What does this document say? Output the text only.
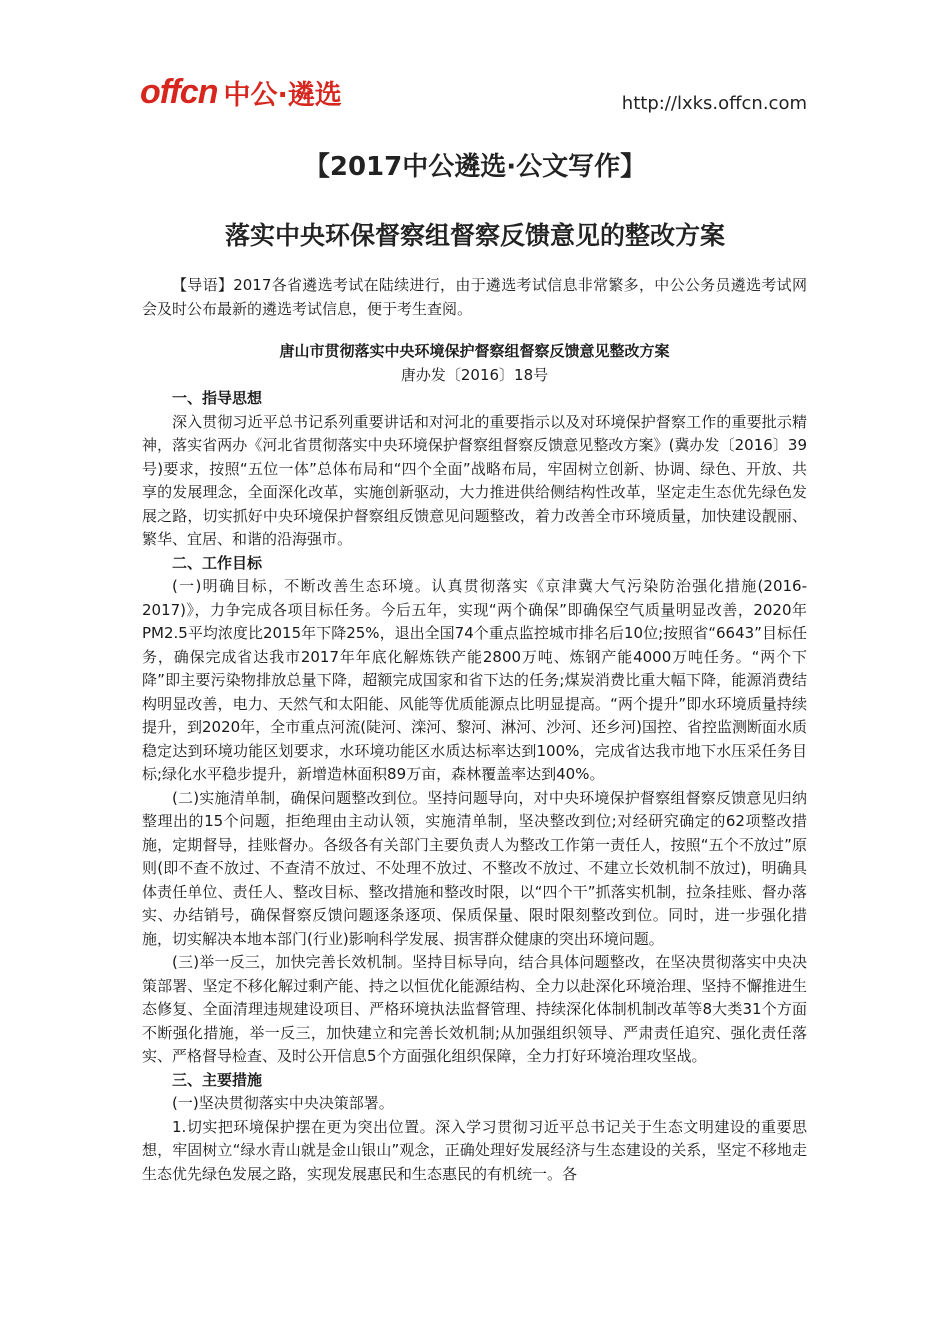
offcn 中公·遴选	http://lxks.offcn.com
【2017中公遴选·公文写作】
落实中央环保督察组督察反馈意见的整改方案
【导语】2017各省遴选考试在陆续进行，由于遴选考试信息非常繁多，中公公务员遴选考试网会及时公布最新的遴选考试信息，便于考生查阅。
唐山市贯彻落实中央环境保护督察组督察反馈意见整改方案
唐办发〔2016〕18号
一、指导思想

深入贯彻习近平总书记系列重要讲话和对河北的重要指示以及对环境保护督察工作的重要批示精神，落实省两办《河北省贯彻落实中央环境保护督察组督察反馈意见整改方案》(冀办发〔2016〕39号)要求，按照“五位一体”总体布局和“四个全面”战略布局，牢固树立创新、协调、绿色、开放、共享的发展理念，全面深化改革，实施创新驱动，大力推进供给侧结构性改革，坚定走生态优先绿色发展之路，切实抓好中央环境保护督察组反馈意见问题整改，着力改善全市环境质量，加快建设靓丽、繁华、宜居、和谐的沿海强市。

二、工作目标

(一)明确目标，不断改善生态环境。认真贯彻落实《京津冀大气污染防治强化措施(2016-2017)》，力争完成各项目标任务。今后五年，实现“两个确保”即确保空气质量明显改善，2020年PM2.5平均浓度比2015年下降25%，退出全国74个重点监控城市排名后10位;按照省“6643”目标任务，确保完成省达我市2017年年底化解炼铁产能2800万吨、炼钢产能4000万吨任务。“两个下降”即主要污染物排放总量下降，超额完成国家和省下达的任务;煤炭消费比重大幅下降，能源消费结构明显改善，电力、天然气和太阳能、风能等优质能源点比明显提高。“两个提升”即水环境质量持续提升，到2020年，全市重点河流(陡河、滦河、黎河、淋河、沙河、还乡河)国控、省控监测断面水质稳定达到环境功能区划要求，水环境功能区水质达标率达到100%，完成省达我市地下水压采任务目标;绿化水平稳步提升，新增造林面积89万亩，森林覆盖率达到40%。

(二)实施清单制，确保问题整改到位。坚持问题导向，对中央环境保护督察组督察反馈意见归纳整理出的15个问题，拒绝理由主动认领，实施清单制，坚决整改到位;对经研究确定的62项整改措施，定期督导，挂账督办。各级各有关部门主要负责人为整改工作第一责任人，按照“五个不放过”原则(即不查不放过、不查清不放过、不处理不放过、不整改不放过、不建立长效机制不放过)，明确具体责任单位、责任人、整改目标、整改措施和整改时限，以“四个干”抓落实机制，拉条挂账、督办落实、办结销号，确保督察反馈问题逐条逐项、保质保量、限时限刻整改到位。同时，进一步强化措施，切实解决本地本部门(行业)影响科学发展、损害群众健康的突出环境问题。

(三)举一反三，加快完善长效机制。坚持目标导向，结合具体问题整改，在坚决贯彻落实中央决策部署、坚定不移化解过剩产能、持之以恒优化能源结构、全力以赴深化环境治理、坚持不懈推进生态修复、全面清理违规建设项目、严格环境执法监督管理、持续深化体制机制改革等8大类31个方面不断强化措施，举一反三，加快建立和完善长效机制;从加强组织领导、严肃责任追究、强化责任落实、严格督导检查、及时公开信息5个方面强化组织保障，全力打好环境治理攻坚战。

三、主要措施

(一)坚决贯彻落实中央决策部署。

1.切实把环境保护摆在更为突出位置。深入学习贯彻习近平总书记关于生态文明建设的重要思想，牢固树立“绿水青山就是金山银山”观念，正确处理好发展经济与生态建设的关系，坚定不移地走生态优先绿色发展之路，实现发展惠民和生态惠民的有机统一。各
